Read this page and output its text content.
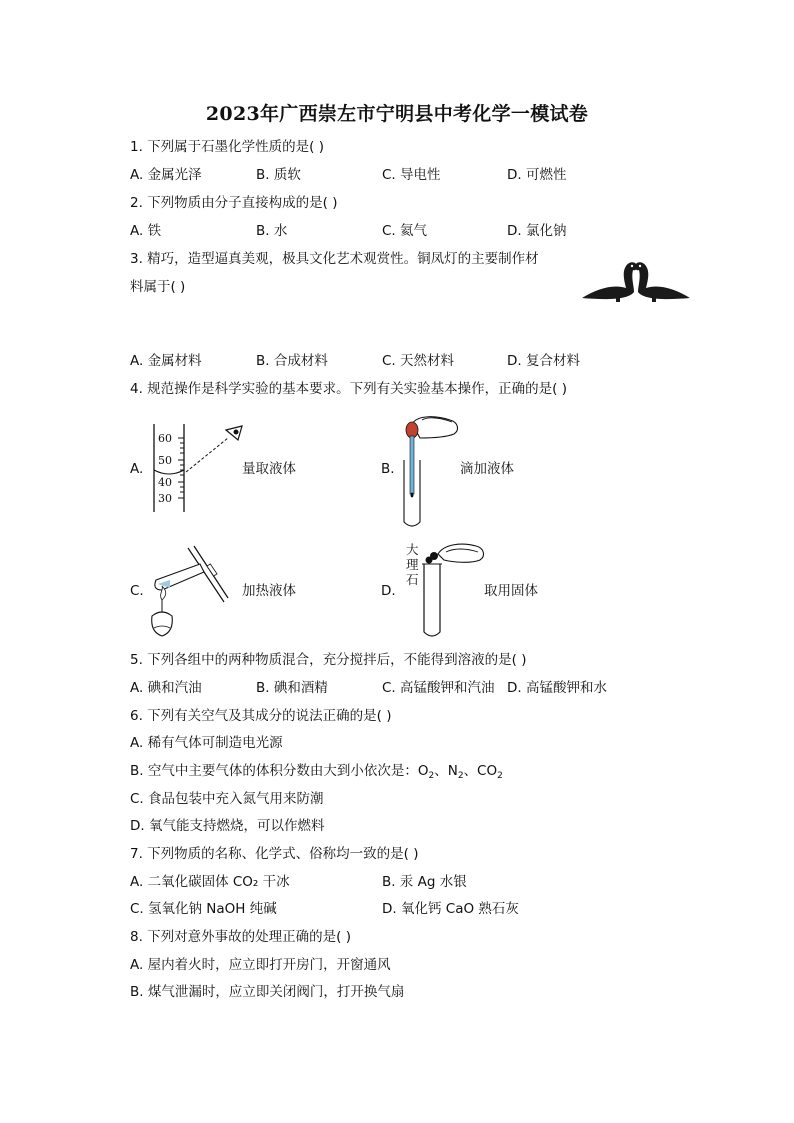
2023年广西崇左市宁明县中考化学一模试卷
1. 下列属于石墨化学性质的是( )
A. 金属光泽	B. 质软	C. 导电性	D. 可燃性
2. 下列物质由分子直接构成的是( )
A. 铁	B. 水	C. 氦气	D. 氯化钠
3. 精巧，造型逼真美观，极具文化艺术观赏性。铜凤灯的主要制作材
料属于( )
A. 金属材料	B. 合成材料	C. 天然材料	D. 复合材料
4. 规范操作是科学实验的基本要求。下列有关实验基本操作，正确的是( )
A.
60
50
40
30
量取液体	B.	滴加液体
C.	加热液体	D.
大
理
石
取用固体
5. 下列各组中的两种物质混合，充分搅拌后，不能得到溶液的是( )
A. 碘和汽油	B. 碘和酒精	C. 高锰酸钾和汽油 D. 高锰酸钾和水
6. 下列有关空气及其成分的说法正确的是( )
A. 稀有气体可制造电光源
B. 空气中主要气体的体积分数由大到小依次是：$O_2$、$N_2$、$CO_2$
C. 食品包装中充入氮气用来防潮
D. 氧气能支持燃烧，可以作燃料
7. 下列物质的名称、化学式、俗称均一致的是( )
A. 二氧化碳固体 CO₂ 干冰	B. 汞 Ag 水银
C. 氢氧化钠 NaOH 纯碱	D. 氧化钙 CaO 熟石灰
8. 下列对意外事故的处理正确的是( )
A. 屋内着火时，应立即打开房门，开窗通风
B. 煤气泄漏时，应立即关闭阀门，打开换气扇
